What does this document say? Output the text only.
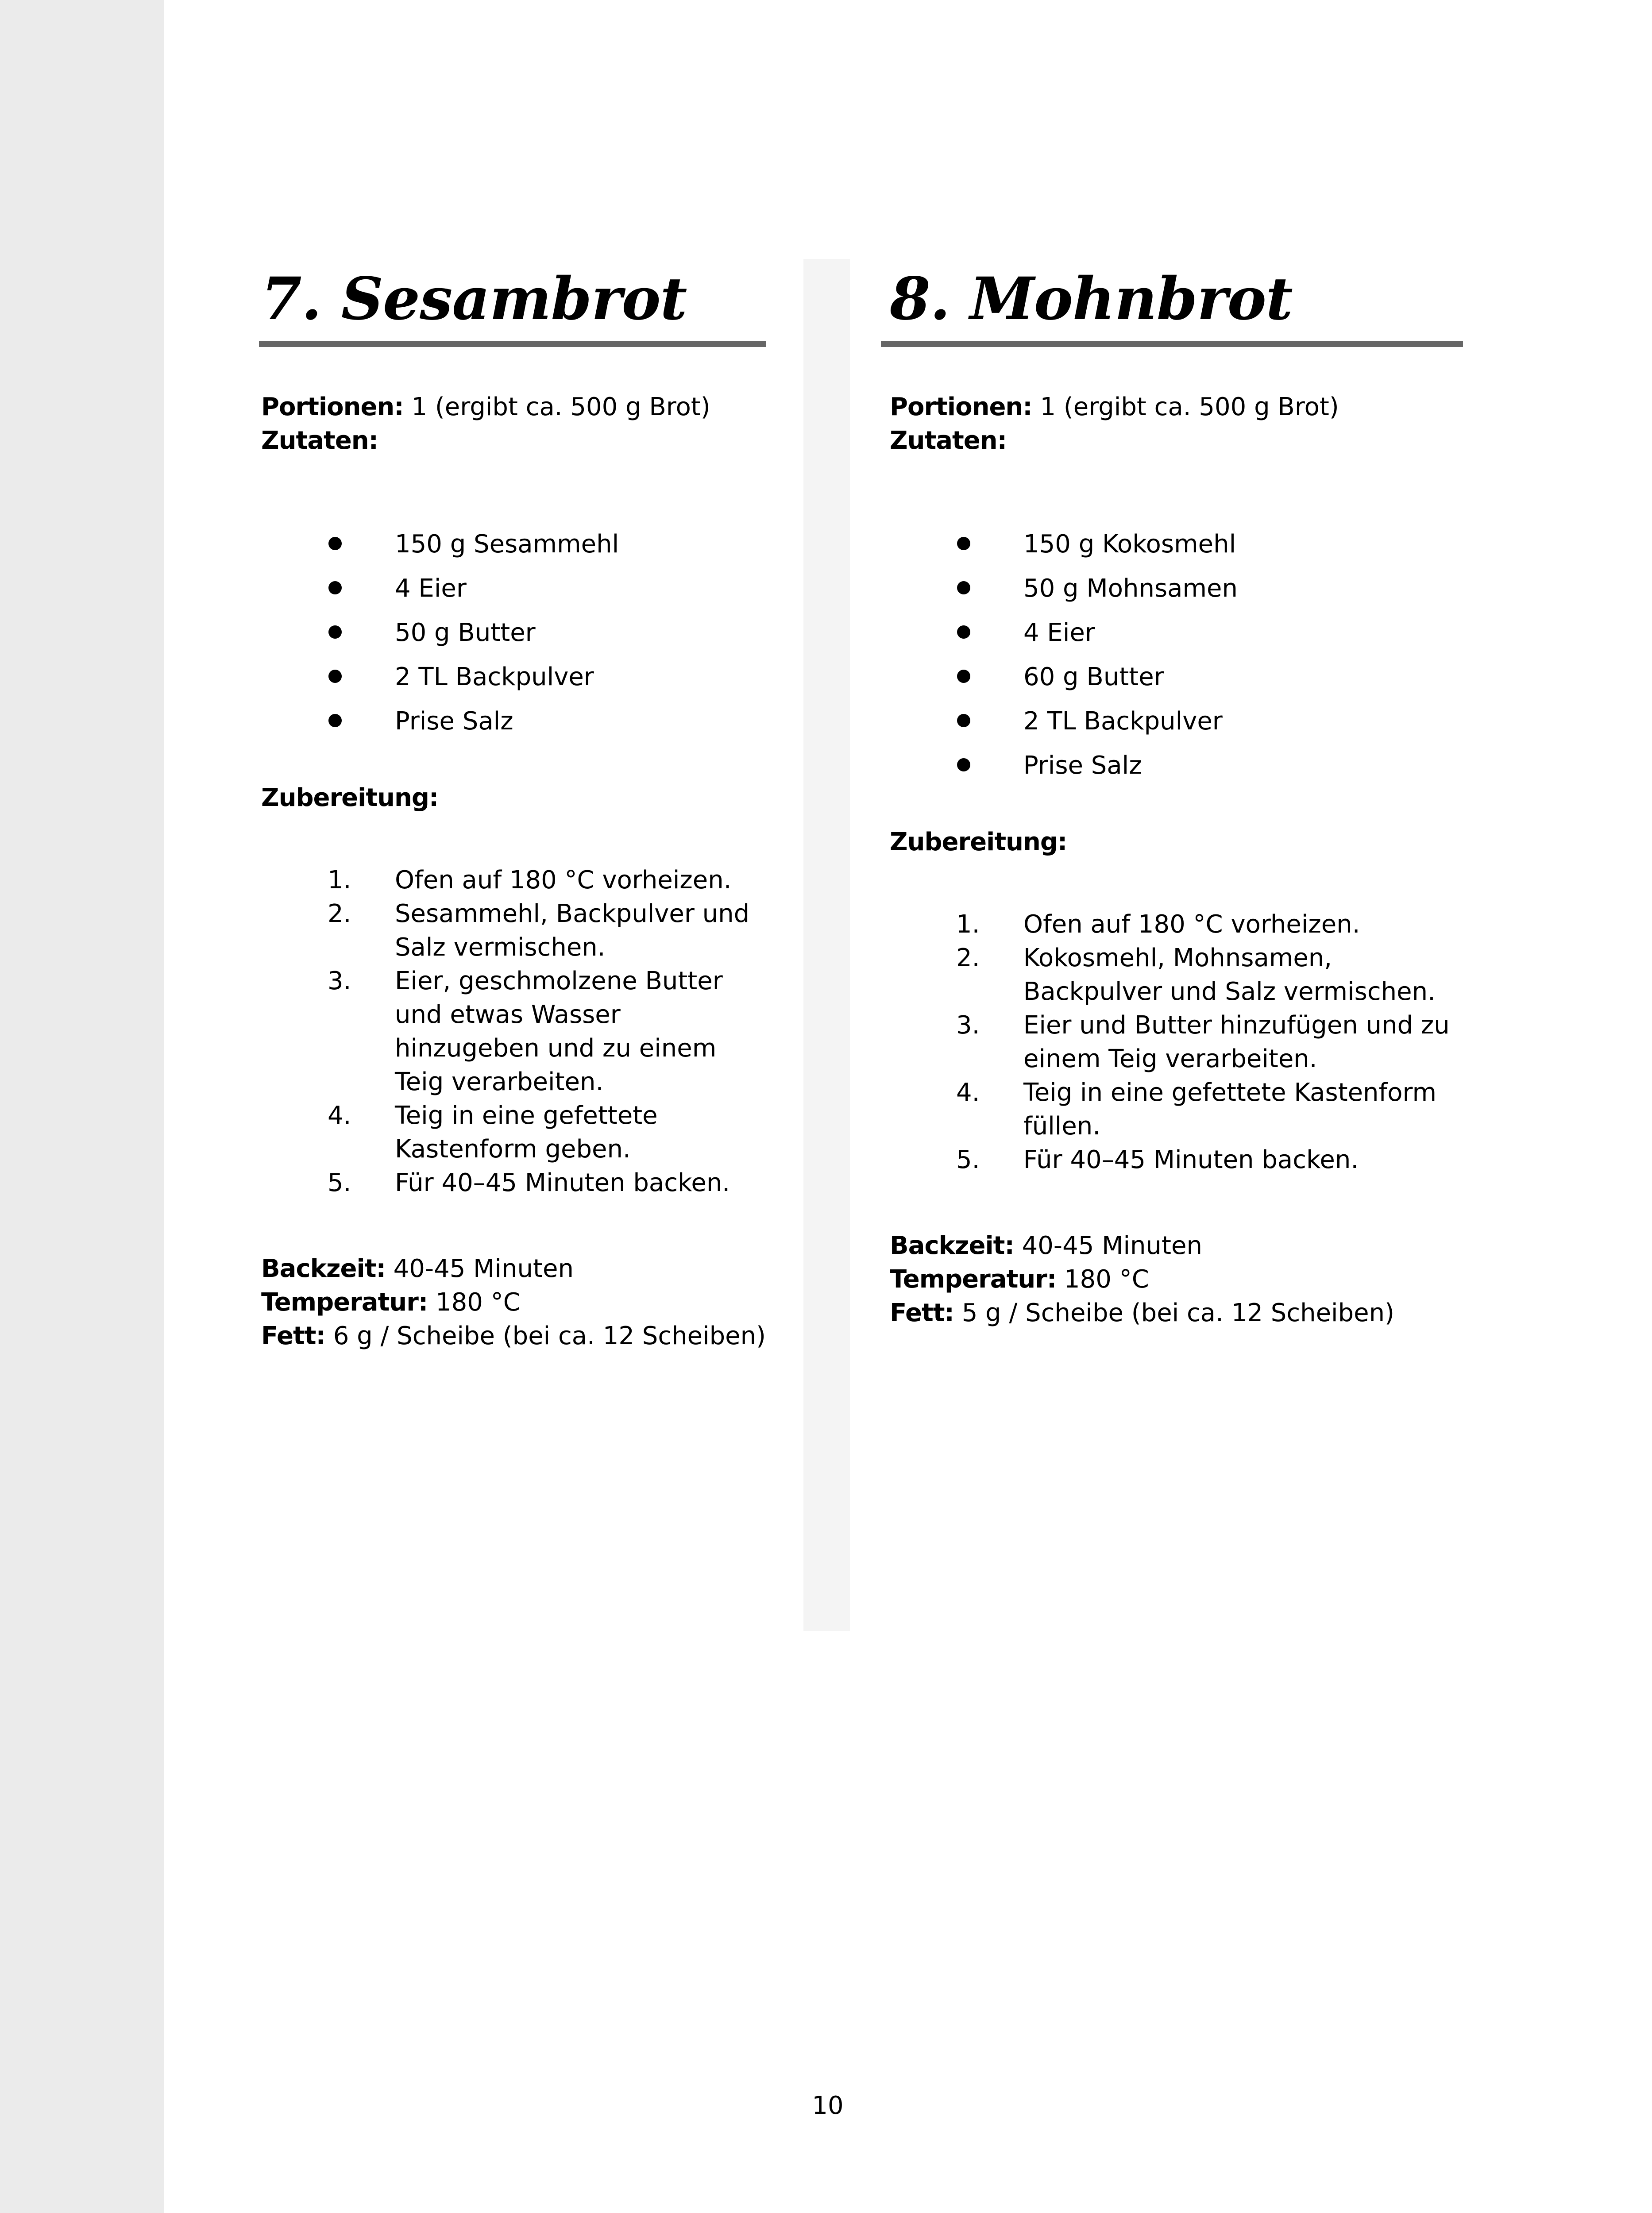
7. Sesambrot
Portionen: 1 (ergibt ca. 500 g Brot)
Zutaten:
150 g Sesammehl
4 Eier
50 g Butter
2 TL Backpulver
Prise Salz
Zubereitung:
1. Ofen auf 180 °C vorheizen.
2. Sesammehl, Backpulver und Salz vermischen.
3. Eier, geschmolzene Butter und etwas Wasser hinzugeben und zu einem Teig verarbeiten.
4. Teig in eine gefettete Kastenform geben.
5. Für 40–45 Minuten backen.
Backzeit: 40-45 Minuten
Temperatur: 180 °C
Fett: 6 g / Scheibe (bei ca. 12 Scheiben)
8. Mohnbrot
Portionen: 1 (ergibt ca. 500 g Brot)
Zutaten:
150 g Kokosmehl
50 g Mohnsamen
4 Eier
60 g Butter
2 TL Backpulver
Prise Salz
Zubereitung:
1. Ofen auf 180 °C vorheizen.
2. Kokosmehl, Mohnsamen, Backpulver und Salz vermischen.
3. Eier und Butter hinzufügen und zu einem Teig verarbeiten.
4. Teig in eine gefettete Kastenform füllen.
5. Für 40–45 Minuten backen.
Backzeit: 40-45 Minuten
Temperatur: 180 °C
Fett: 5 g / Scheibe (bei ca. 12 Scheiben)
10
